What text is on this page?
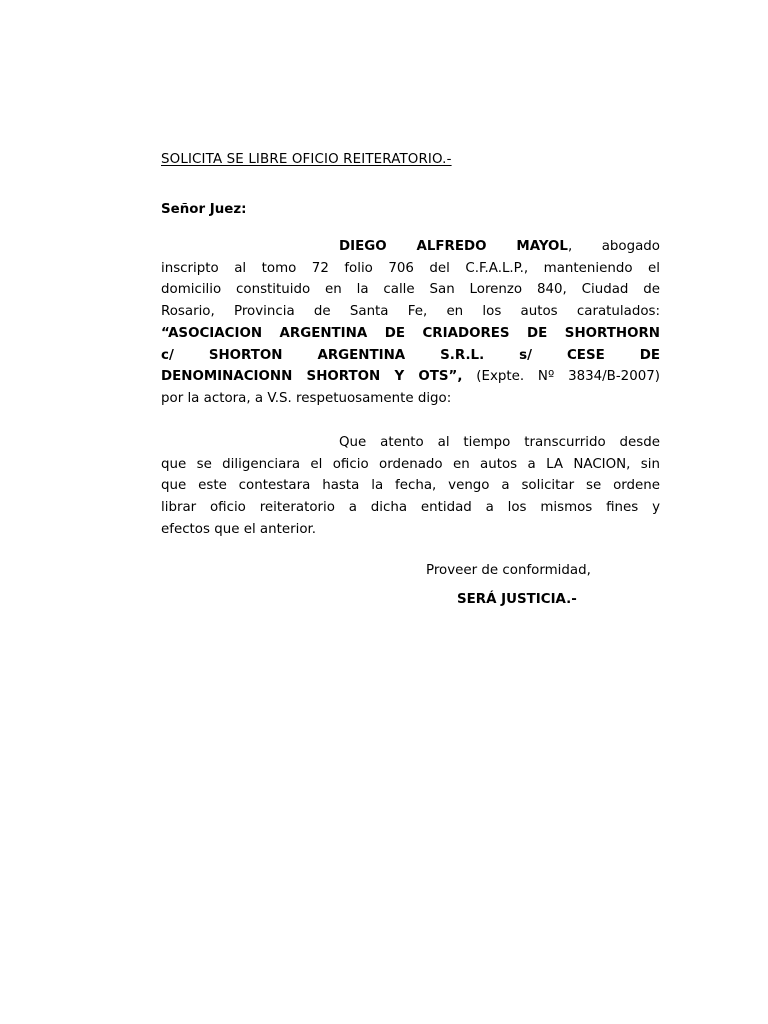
SOLICITA SE LIBRE OFICIO REITERATORIO.-
Señor Juez:
DIEGO ALFREDO MAYOL, abogado
inscripto al tomo 72 folio 706 del C.F.A.L.P., manteniendo el
domicilio constituido en la calle San Lorenzo 840, Ciudad de
Rosario, Provincia de Santa Fe, en los autos caratulados:
“ASOCIACION ARGENTINA DE CRIADORES DE SHORTHORN
c/ SHORTON ARGENTINA S.R.L. s/ CESE DE
DENOMINACIONN SHORTON Y OTS”, (Expte. Nº 3834/B-2007)
por la actora, a V.S. respetuosamente digo:
Que atento al tiempo transcurrido desde
que se diligenciara el oficio ordenado en autos a LA NACION, sin
que este contestara hasta la fecha, vengo a solicitar se ordene
librar oficio reiteratorio a dicha entidad a los mismos fines y
efectos que el anterior.
Proveer de conformidad,
SERÁ JUSTICIA.-
